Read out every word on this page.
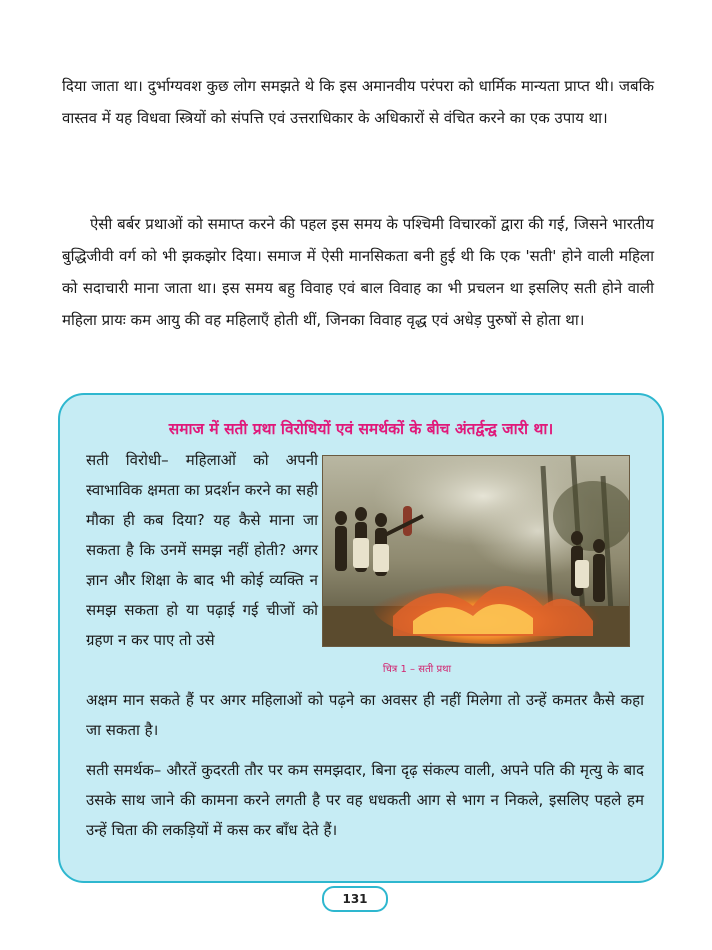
दिया जाता था। दुर्भाग्यवश कुछ लोग समझते थे कि इस अमानवीय परंपरा को धार्मिक मान्यता प्राप्त थी। जबकि वास्तव में यह विधवा स्त्रियों को संपत्ति एवं उत्तराधिकार के अधिकारों से वंचित करने का एक उपाय था।

ऐसी बर्बर प्रथाओं को समाप्त करने की पहल इस समय के पश्चिमी विचारकों द्वारा की गई, जिसने भारतीय बुद्धिजीवी वर्ग को भी झकझोर दिया। समाज में ऐसी मानसिकता बनी हुई थी कि एक 'सती' होने वाली महिला को सदाचारी माना जाता था। इस समय बहु विवाह एवं बाल विवाह का भी प्रचलन था इसलिए सती होने वाली महिला प्रायः कम आयु की वह महिलाएँ होती थीं, जिनका विवाह वृद्ध एवं अधेड़ पुरुषों से होता था।

समाज में सती प्रथा विरोधियों एवं समर्थकों के बीच अंतर्द्वन्द्व जारी था।

सती विरोधी– महिलाओं को अपनी स्वाभाविक क्षमता का प्रदर्शन करने का सही मौका ही कब दिया? यह कैसे माना जा सकता है कि उनमें समझ नहीं होती? अगर ज्ञान और शिक्षा के बाद भी कोई व्यक्ति न समझ सकता हो या पढ़ाई गई चीजों को ग्रहण न कर पाए तो उसे

चित्र 1 – सती प्रथा

अक्षम मान सकते हैं पर अगर महिलाओं को पढ़ने का अवसर ही नहीं मिलेगा तो उन्हें कमतर कैसे कहा जा सकता है।

सती समर्थक– औरतें कुदरती तौर पर कम समझदार, बिना दृढ़ संकल्प वाली, अपने पति की मृत्यु के बाद उसके साथ जाने की कामना करने लगती है पर वह धधकती आग से भाग न निकले, इसलिए पहले हम उन्हें चिता की लकड़ियों में कस कर बाँध देते हैं।

131
